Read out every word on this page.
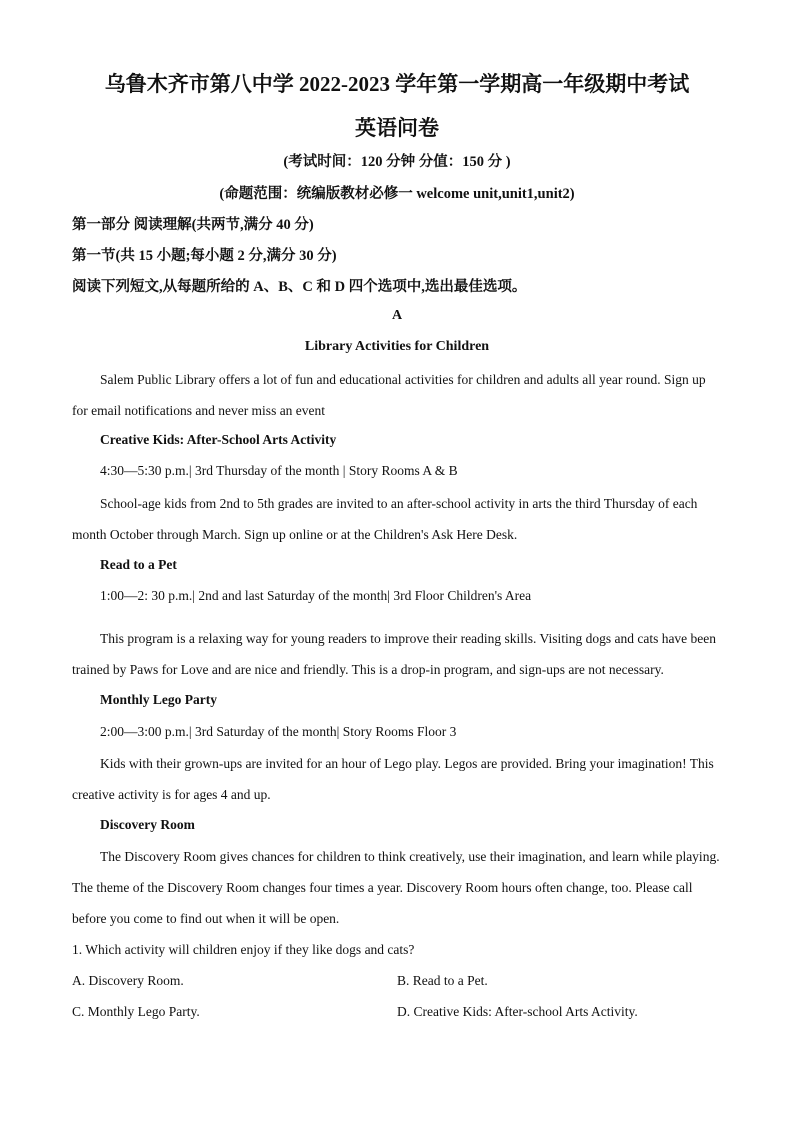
乌鲁木齐市第八中学 2022-2023 学年第一学期高一年级期中考试
英语问卷
(考试时间：120 分钟 分值：150 分 )
(命题范围：统编版教材必修一 welcome unit,unit1,unit2)
第一部分 阅读理解(共两节,满分 40 分)
第一节(共 15 小题;每小题 2 分,满分 30 分)
阅读下列短文,从每题所给的 A、B、C 和 D 四个选项中,选出最佳选项。
A
Library Activities for Children

Salem Public Library offers a lot of fun and educational activities for children and adults all year round. Sign up for email notifications and never miss an event

Creative Kids: After-School Arts Activity
4:30—5:30 p.m.| 3rd Thursday of the month | Story Rooms A & B

School-age kids from 2nd to 5th grades are invited to an after-school activity in arts the third Thursday of each month October through March. Sign up online or at the Children's Ask Here Desk.

Read to a Pet
1:00—2: 30 p.m.| 2nd and last Saturday of the month| 3rd Floor Children's Area

This program is a relaxing way for young readers to improve their reading skills. Visiting dogs and cats have been trained by Paws for Love and are nice and friendly. This is a drop-in program, and sign-ups are not necessary.

Monthly Lego Party
2:00—3:00 p.m.| 3rd Saturday of the month| Story Rooms Floor 3

Kids with their grown-ups are invited for an hour of Lego play. Legos are provided. Bring your imagination! This creative activity is for ages 4 and up.

Discovery Room

The Discovery Room gives chances for children to think creatively, use their imagination, and learn while playing. The theme of the Discovery Room changes four times a year. Discovery Room hours often change, too. Please call before you come to find out when it will be open.

1. Which activity will children enjoy if they like dogs and cats?
A. Discovery Room.	B. Read to a Pet.
C. Monthly Lego Party.	D. Creative Kids: After-school Arts Activity.
